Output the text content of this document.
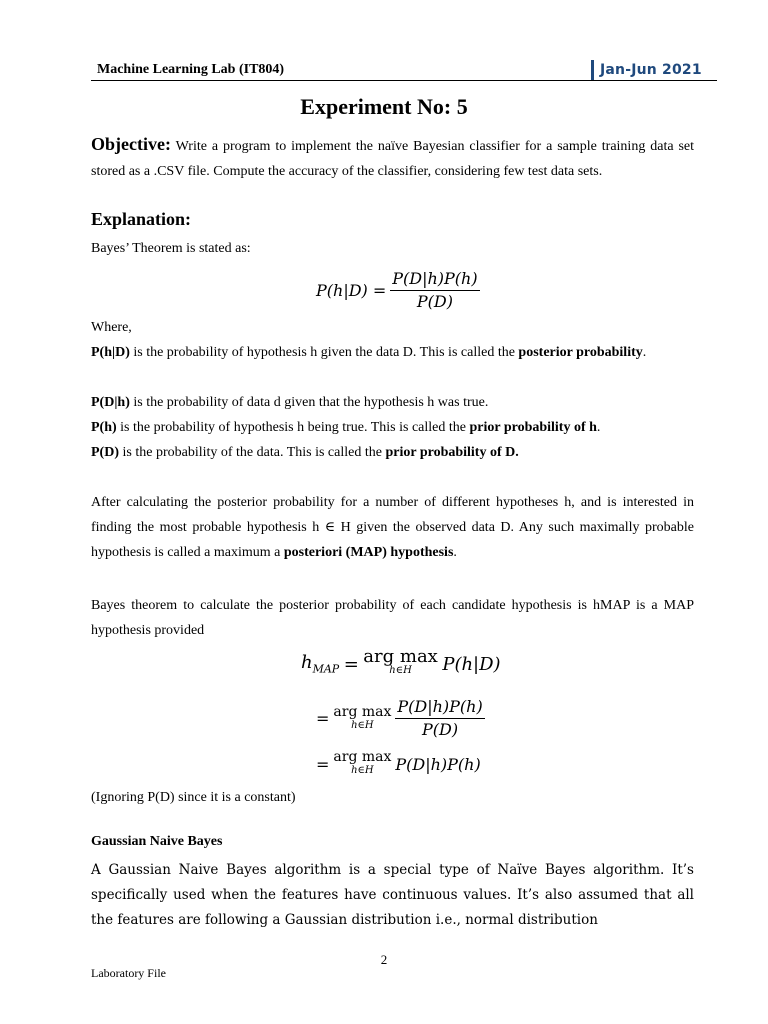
Machine Learning Lab (IT804)	Jan-Jun 2021
Experiment No: 5
Objective: Write a program to implement the naïve Bayesian classifier for a sample training data set stored as a .CSV file. Compute the accuracy of the classifier, considering few test data sets.
Explanation:
Bayes’ Theorem is stated as:
$P(h|D) = \frac{P(D|h)P(h)}{P(D)}$
Where,
P(h|D) is the probability of hypothesis h given the data D. This is called the posterior probability.
P(D|h) is the probability of data d given that the hypothesis h was true.
P(h) is the probability of hypothesis h being true. This is called the prior probability of h.
P(D) is the probability of the data. This is called the prior probability of D.
After calculating the posterior probability for a number of different hypotheses h, and is interested in finding the most probable hypothesis h ∈ H given the observed data D. Any such maximally probable hypothesis is called a maximum a posteriori (MAP) hypothesis.
Bayes theorem to calculate the posterior probability of each candidate hypothesis is hMAP is a MAP hypothesis provided
$h_{MAP}$ = arg max
h∈H	P(h|D)
= arg max
h∈H
	$\frac{P(D|h)P(h)}{P(D)}$
= arg max
h∈H	P(D|h)P(h)
(Ignoring P(D) since it is a constant)
Gaussian Naive Bayes
A Gaussian Naive Bayes algorithm is a special type of Naïve Bayes algorithm. It’s specifically used when the features have continuous values. It’s also assumed that all the features are following a Gaussian distribution i.e., normal distribution
2
Laboratory File
